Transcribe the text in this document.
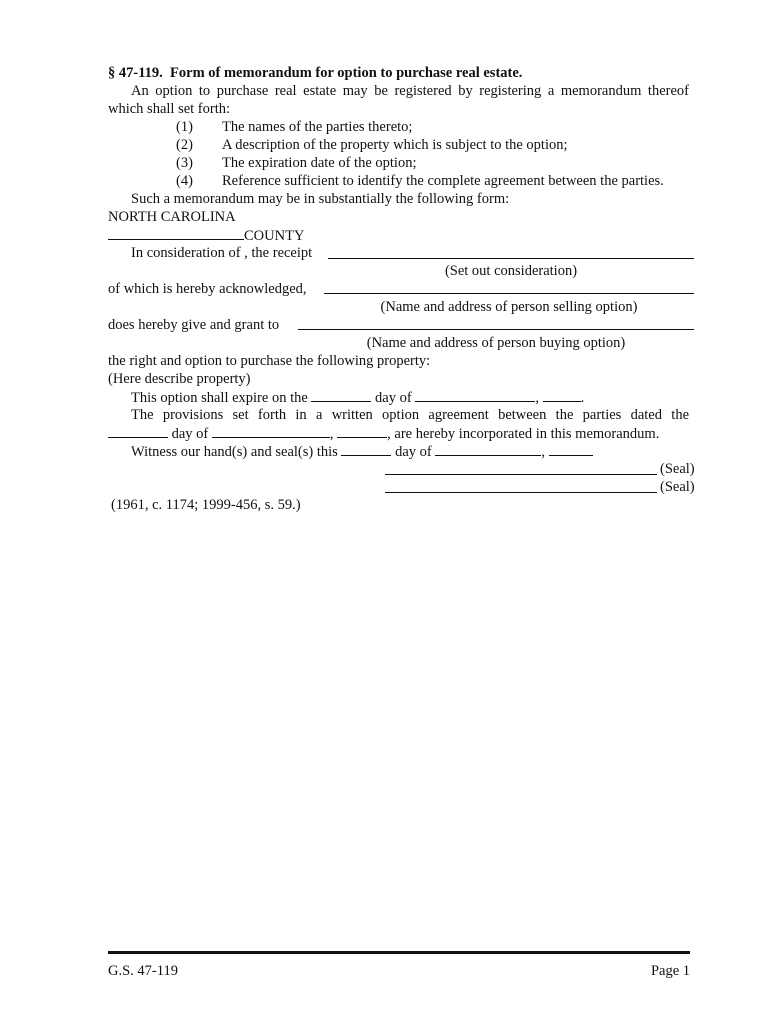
§ 47-119.  Form of memorandum for option to purchase real estate.
An option to purchase real estate may be registered by registering a memorandum thereof
which shall set forth:
(1) The names of the parties thereto;
(2) A description of the property which is subject to the option;
(3) The expiration date of the option;
(4) Reference sufficient to identify the complete agreement between the parties.
Such a memorandum may be in substantially the following form:
NORTH CAROLINA
COUNTY
In consideration of , the receipt
(Set out consideration)
of which is hereby acknowledged,
(Name and address of person selling option)
does hereby give and grant to
(Name and address of person buying option)
the right and option to purchase the following property:
(Here describe property)
This option shall expire on the	day of	,	.
The provisions set forth in a written option agreement between the parties dated the
day of	,	, are hereby incorporated in this memorandum.
Witness our hand(s) and seal(s) this	day of	,
(Seal)
(Seal)
(1961, c. 1174; 1999-456, s. 59.)
G.S. 47-119	Page 1
